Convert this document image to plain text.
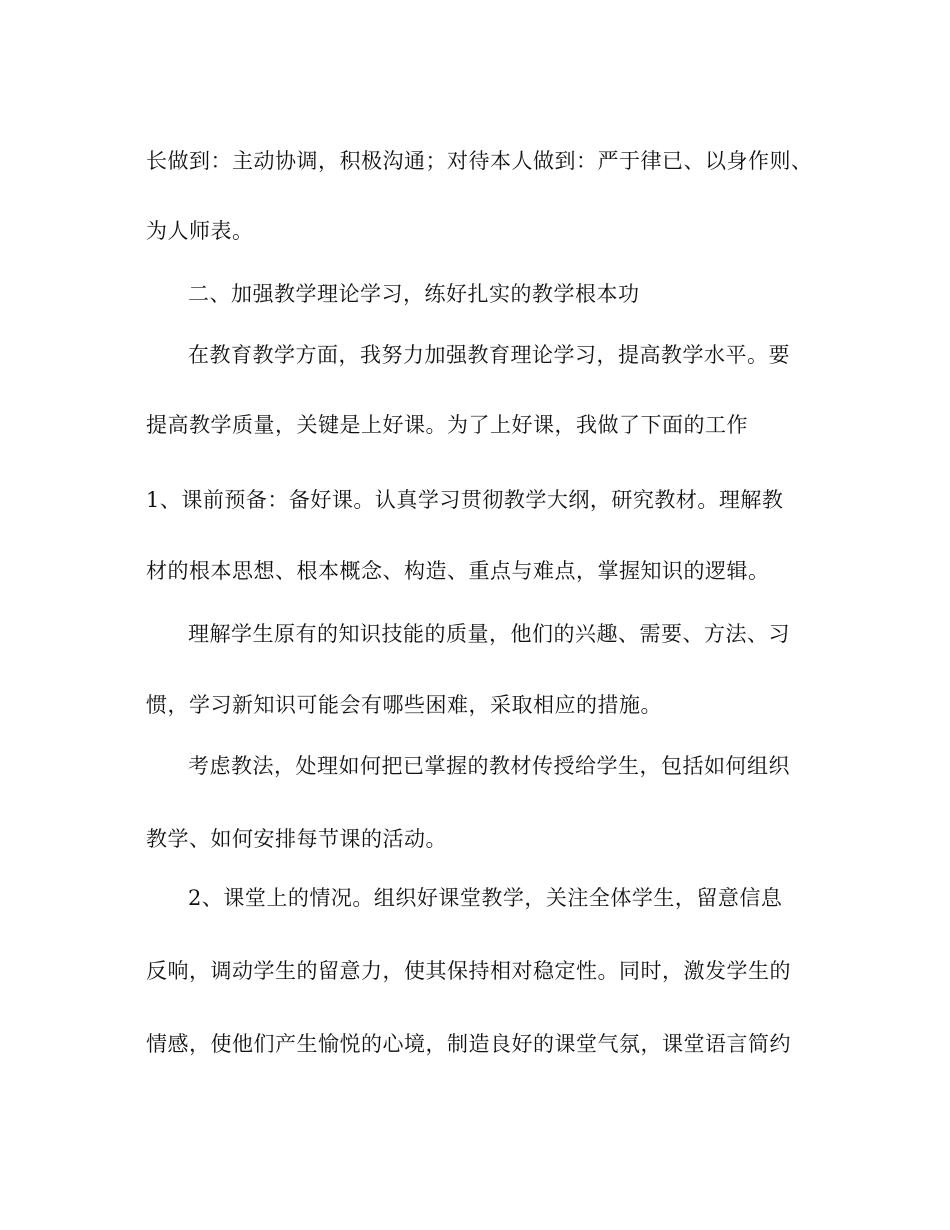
长做到：主动协调，积极沟通；对待本人做到：严于律已、以身作则、
为人师表。
二、加强教学理论学习，练好扎实的教学根本功
在教育教学方面，我努力加强教育理论学习，提高教学水平。要
提高教学质量，关键是上好课。为了上好课，我做了下面的工作
1、课前预备：备好课。认真学习贯彻教学大纲，研究教材。理解教
材的根本思想、根本概念、构造、重点与难点，掌握知识的逻辑。
理解学生原有的知识技能的质量，他们的兴趣、需要、方法、习
惯，学习新知识可能会有哪些困难，采取相应的措施。
考虑教法，处理如何把已掌握的教材传授给学生，包括如何组织
教学、如何安排每节课的活动。
2、课堂上的情况。组织好课堂教学，关注全体学生，留意信息
反响，调动学生的留意力，使其保持相对稳定性。同时，激发学生的
情感，使他们产生愉悦的心境，制造良好的课堂气氛，课堂语言简约
